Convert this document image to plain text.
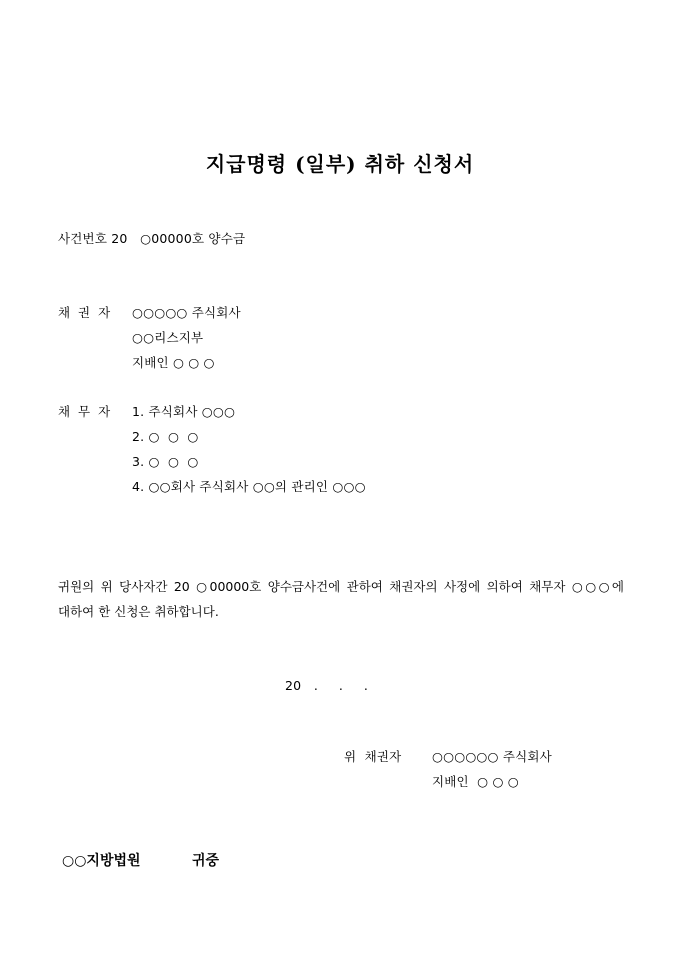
지급명령 (일부) 취하 신청서
사건번호 20   ○00000호 양수금
채 권 자 ○○○○○ 주식회사
○○리스지부
지배인 ○ ○ ○
채 무 자 1. 주식회사 ○○○
2. ○  ○  ○
3. ○  ○  ○
4. ○○회사 주식회사 ○○의 관리인 ○○○
귀원의 위 당사자간 20 ○00000호 양수금사건에 관하여 채권자의 사정에 의하여 채무자 ○○○에 대하여 한 신청은 취하합니다.
20   .     .     .
위  채권자 ○○○○○○ 주식회사
지배인  ○ ○ ○
○○지방법원	귀중
